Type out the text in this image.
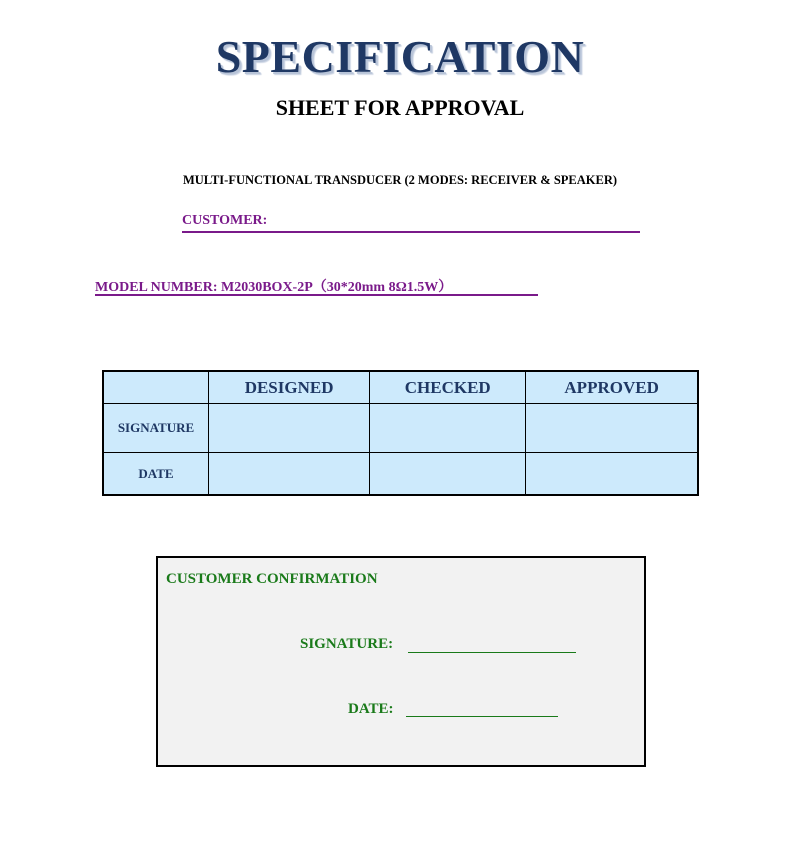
SPECIFICATION
SHEET FOR APPROVAL
MULTI-FUNCTIONAL TRANSDUCER (2 MODES: RECEIVER & SPEAKER)
CUSTOMER:
MODEL NUMBER: M2030BOX-2P（30*20mm 8Ω1.5W）
	DESIGNED	CHECKED	APPROVED
SIGNATURE			
DATE			
CUSTOMER CONFIRMATION
SIGNATURE:
DATE:
